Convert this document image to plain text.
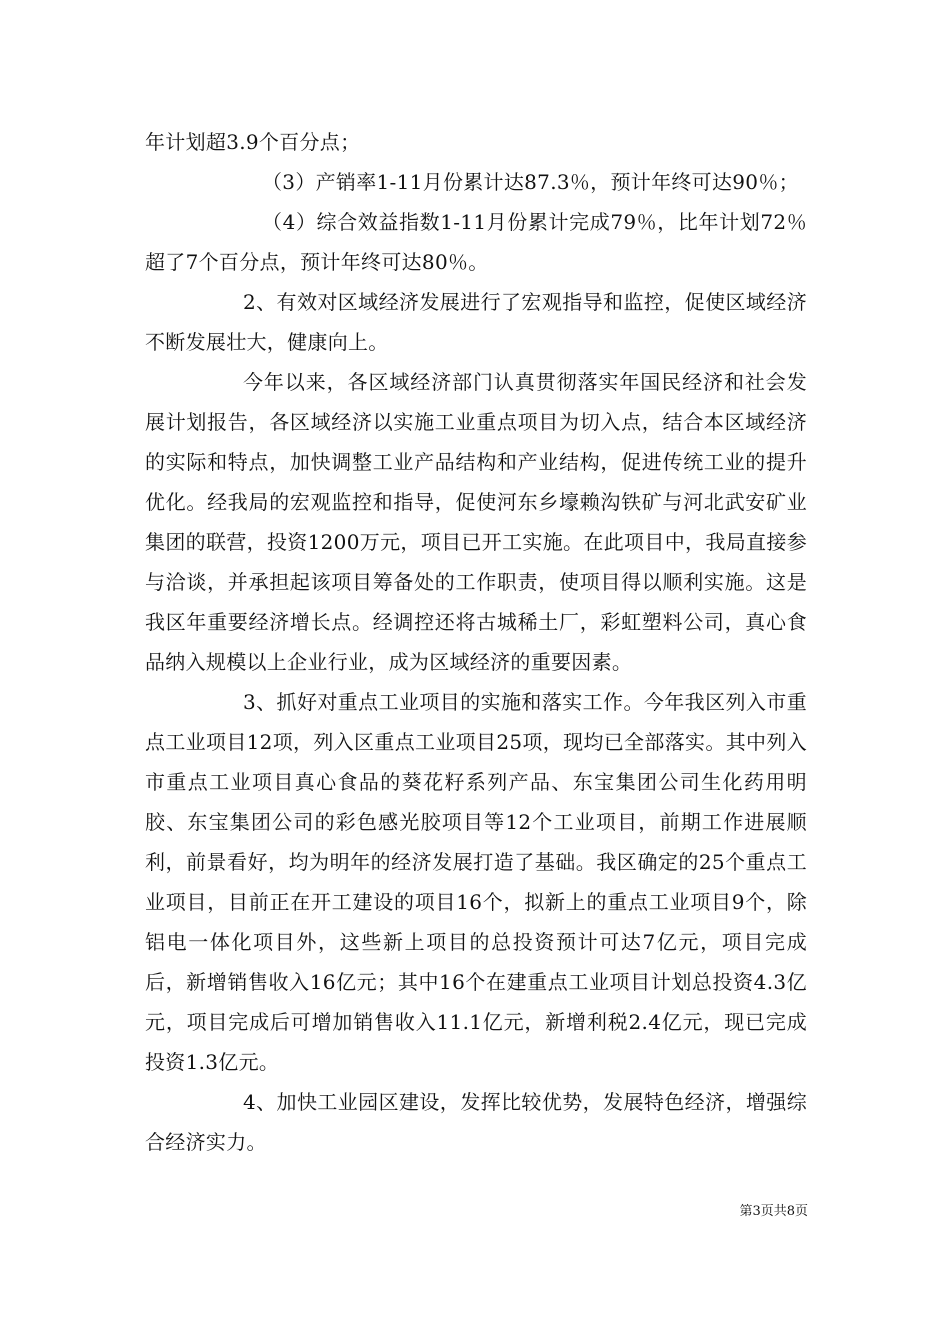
年计划超3.9个百分点；

（3）产销率1-11月份累计达87.3％，预计年终可达90％；

（4）综合效益指数1-11月份累计完成79％，比年计划72％超了7个百分点，预计年终可达80％。

2、有效对区域经济发展进行了宏观指导和监控，促使区域经济不断发展壮大，健康向上。

今年以来，各区域经济部门认真贯彻落实年国民经济和社会发展计划报告，各区域经济以实施工业重点项目为切入点，结合本区域经济的实际和特点，加快调整工业产品结构和产业结构，促进传统工业的提升优化。经我局的宏观监控和指导，促使河东乡壕赖沟铁矿与河北武安矿业集团的联营，投资1200万元，项目已开工实施。在此项目中，我局直接参与洽谈，并承担起该项目筹备处的工作职责，使项目得以顺利实施。这是我区年重要经济增长点。经调控还将古城稀土厂，彩虹塑料公司，真心食品纳入规模以上企业行业，成为区域经济的重要因素。

3、抓好对重点工业项目的实施和落实工作。今年我区列入市重点工业项目12项，列入区重点工业项目25项，现均已全部落实。其中列入市重点工业项目真心食品的葵花籽系列产品、东宝集团公司生化药用明胶、东宝集团公司的彩色感光胶项目等12个工业项目，前期工作进展顺利，前景看好，均为明年的经济发展打造了基础。我区确定的25个重点工业项目，目前正在开工建设的项目16个，拟新上的重点工业项目9个，除铝电一体化项目外，这些新上项目的总投资预计可达7亿元，项目完成后，新增销售收入16亿元；其中16个在建重点工业项目计划总投资4.3亿元，项目完成后可增加销售收入11.1亿元，新增利税2.4亿元，现已完成投资1.3亿元。

4、加快工业园区建设，发挥比较优势，发展特色经济，增强综合经济实力。

第3页共8页
